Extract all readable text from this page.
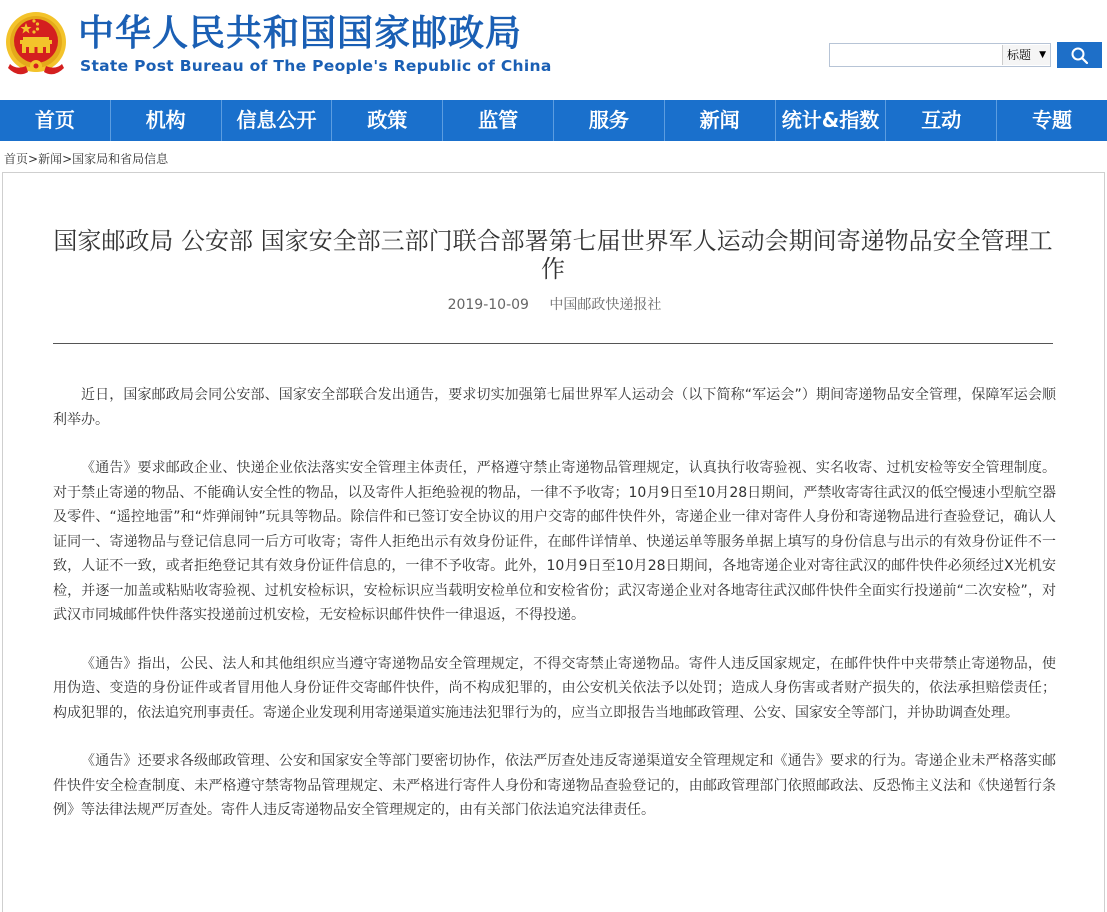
中华人民共和国国家邮政局
State Post Bureau of The People's Republic of China
标题 ▼
首页	机构	信息公开	政策	监管	服务	新闻	统计&指数	互动	专题
首页>新闻>国家局和省局信息
国家邮政局 公安部 国家安全部三部门联合部署第七届世界军人运动会期间寄递物品安全管理工作
2019-10-09 中国邮政快递报社

近日，国家邮政局会同公安部、国家安全部联合发出通告，要求切实加强第七届世界军人运动会（以下简称“军运会”）期间寄递物品安全管理，保障军运会顺利举办。

《通告》要求邮政企业、快递企业依法落实安全管理主体责任，严格遵守禁止寄递物品管理规定，认真执行收寄验视、实名收寄、过机安检等安全管理制度。对于禁止寄递的物品、不能确认安全性的物品，以及寄件人拒绝验视的物品，一律不予收寄；10月9日至10月28日期间，严禁收寄寄往武汉的低空慢速小型航空器及零件、“遥控地雷”和“炸弹闹钟”玩具等物品。除信件和已签订安全协议的用户交寄的邮件快件外，寄递企业一律对寄件人身份和寄递物品进行查验登记，确认人证同一、寄递物品与登记信息同一后方可收寄；寄件人拒绝出示有效身份证件，在邮件详情单、快递运单等服务单据上填写的身份信息与出示的有效身份证件不一致，人证不一致，或者拒绝登记其有效身份证件信息的，一律不予收寄。此外，10月9日至10月28日期间，各地寄递企业对寄往武汉的邮件快件必须经过X光机安检，并逐一加盖或粘贴收寄验视、过机安检标识，安检标识应当载明安检单位和安检省份；武汉寄递企业对各地寄往武汉邮件快件全面实行投递前“二次安检”，对武汉市同城邮件快件落实投递前过机安检，无安检标识邮件快件一律退返，不得投递。

《通告》指出，公民、法人和其他组织应当遵守寄递物品安全管理规定，不得交寄禁止寄递物品。寄件人违反国家规定，在邮件快件中夹带禁止寄递物品，使用伪造、变造的身份证件或者冒用他人身份证件交寄邮件快件，尚不构成犯罪的，由公安机关依法予以处罚；造成人身伤害或者财产损失的，依法承担赔偿责任；构成犯罪的，依法追究刑事责任。寄递企业发现利用寄递渠道实施违法犯罪行为的，应当立即报告当地邮政管理、公安、国家安全等部门，并协助调查处理。

《通告》还要求各级邮政管理、公安和国家安全等部门要密切协作，依法严厉查处违反寄递渠道安全管理规定和《通告》要求的行为。寄递企业未严格落实邮件快件安全检查制度、未严格遵守禁寄物品管理规定、未严格进行寄件人身份和寄递物品查验登记的，由邮政管理部门依照邮政法、反恐怖主义法和《快递暂行条例》等法律法规严厉查处。寄件人违反寄递物品安全管理规定的，由有关部门依法追究法律责任。
